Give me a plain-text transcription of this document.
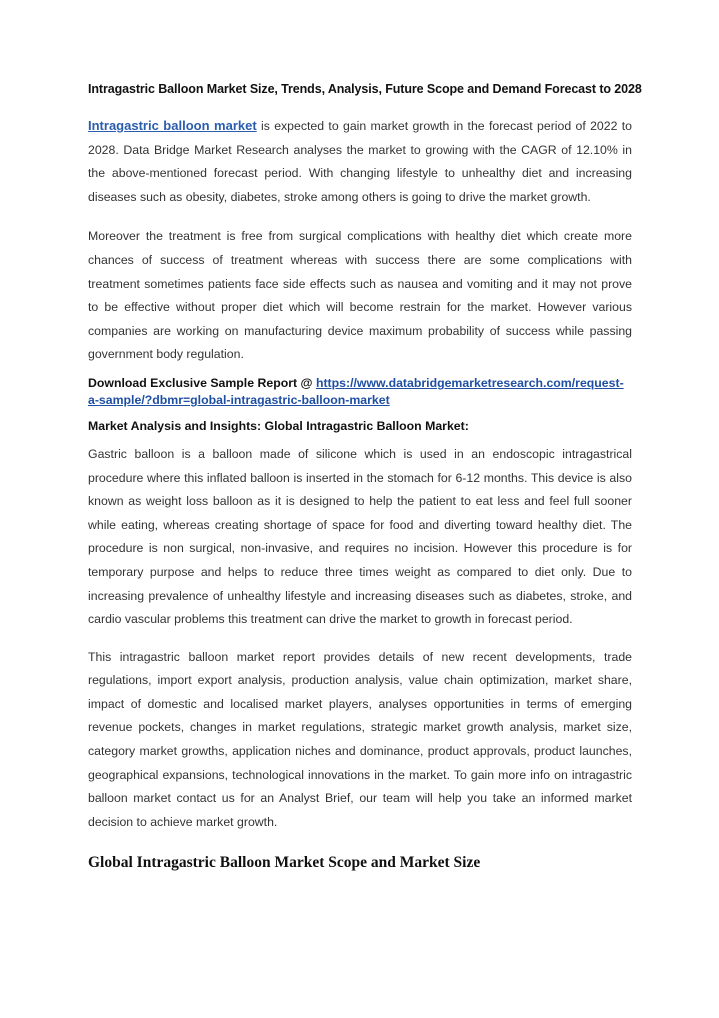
Intragastric Balloon Market Size, Trends, Analysis, Future Scope and Demand Forecast to 2028

Intragastric balloon market is expected to gain market growth in the forecast period of 2022 to 2028. Data Bridge Market Research analyses the market to growing with the CAGR of 12.10% in the above-mentioned forecast period. With changing lifestyle to unhealthy diet and increasing diseases such as obesity, diabetes, stroke among others is going to drive the market growth.

Moreover the treatment is free from surgical complications with healthy diet which create more chances of success of treatment whereas with success there are some complications with treatment sometimes patients face side effects such as nausea and vomiting and it may not prove to be effective without proper diet which will become restrain for the market. However various companies are working on manufacturing device maximum probability of success while passing government body regulation.

Download Exclusive Sample Report @ https://www.databridgemarketresearch.com/request-a-sample/?dbmr=global-intragastric-balloon-market
Market Analysis and Insights: Global Intragastric Balloon Market:

Gastric balloon is a balloon made of silicone which is used in an endoscopic intragastrical procedure where this inflated balloon is inserted in the stomach for 6-12 months. This device is also known as weight loss balloon as it is designed to help the patient to eat less and feel full sooner while eating, whereas creating shortage of space for food and diverting toward healthy diet. The procedure is non surgical, non-invasive, and requires no incision. However this procedure is for temporary purpose and helps to reduce three times weight as compared to diet only. Due to increasing prevalence of unhealthy lifestyle and increasing diseases such as diabetes, stroke, and cardio vascular problems this treatment can drive the market to growth in forecast period.

This intragastric balloon market report provides details of new recent developments, trade regulations, import export analysis, production analysis, value chain optimization, market share, impact of domestic and localised market players, analyses opportunities in terms of emerging revenue pockets, changes in market regulations, strategic market growth analysis, market size, category market growths, application niches and dominance, product approvals, product launches, geographical expansions, technological innovations in the market. To gain more info on intragastric balloon market contact us for an Analyst Brief, our team will help you take an informed market decision to achieve market growth.

Global Intragastric Balloon Market Scope and Market Size
